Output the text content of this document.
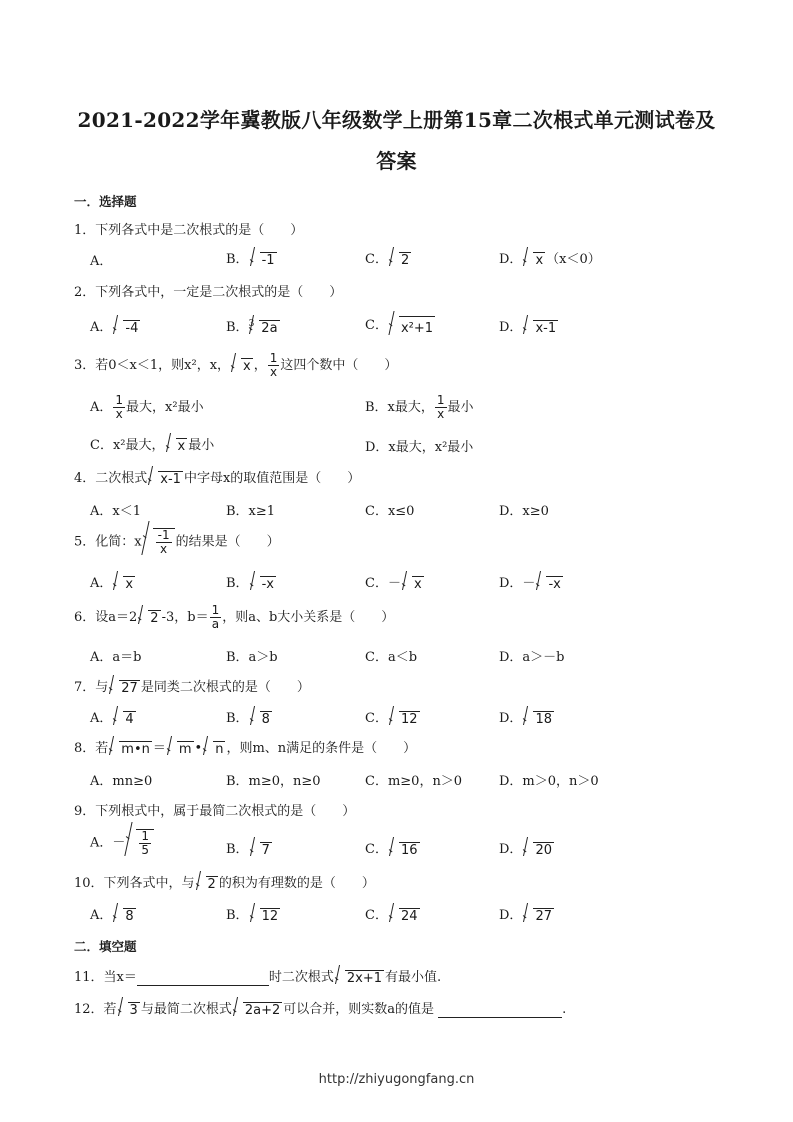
2021-2022学年冀教版八年级数学上册第15章二次根式单元测试卷及
答案
一．选择题
1．下列各式中是二次根式的是（　　）
A．	B． -1	C． 2	D． x （x＜0）
2．下列各式中，一定是二次根式的是（　　）
A． -4	B．$^3$ 2a	C． x²+1	D． x-1
3．若0＜x＜1，则x²，x， x ， $\frac{1}{x}$ 这四个数中（　　）
A． $\frac{1}{x}$ 最大，x²最小	B．x最大， $\frac{1}{x}$ 最小
C．x²最大， x 最小	D．x最大，x²最小
4．二次根式 x-1 中字母x的取值范围是（　　）
A．x＜1	B．x≥1	C．x≤0	D．x≥0
5．化简：x $\frac{-1}{x}$ 的结果是（　　）
A． x	B． -x	C．－ x	D．－ -x
6．设a＝2 2 -3，$b= \frac{1}{a}$ ，则a、b大小关系是（　　）
A．a＝b	B．a＞b	C．a＜b	D．a＞－b
7．与 27 是同类二次根式的是（　　）
A． 4	B． 8	C． 12	D． 18
8．若 m•n ＝ m • n ，则m、n满足的条件是（　　）
A．mn≥0	B．m≥0，n≥0	C．m≥0，n＞0	D．m＞0，n＞0
9．下列根式中，属于最简二次根式的是（　　）
A．－ $\frac{1}{5}$	B． 7	C． 16	D． 20
10．下列各式中，与 2 的积为有理数的是（　　）
A． 8	B． 12	C． 24	D． 27
二．填空题
11．当x＝	时二次根式 2x+1 有最小值.
12．若 3 与最简二次根式 2a+2 可以合并，则实数a的值是	.
http://zhiyugongfang.cn
